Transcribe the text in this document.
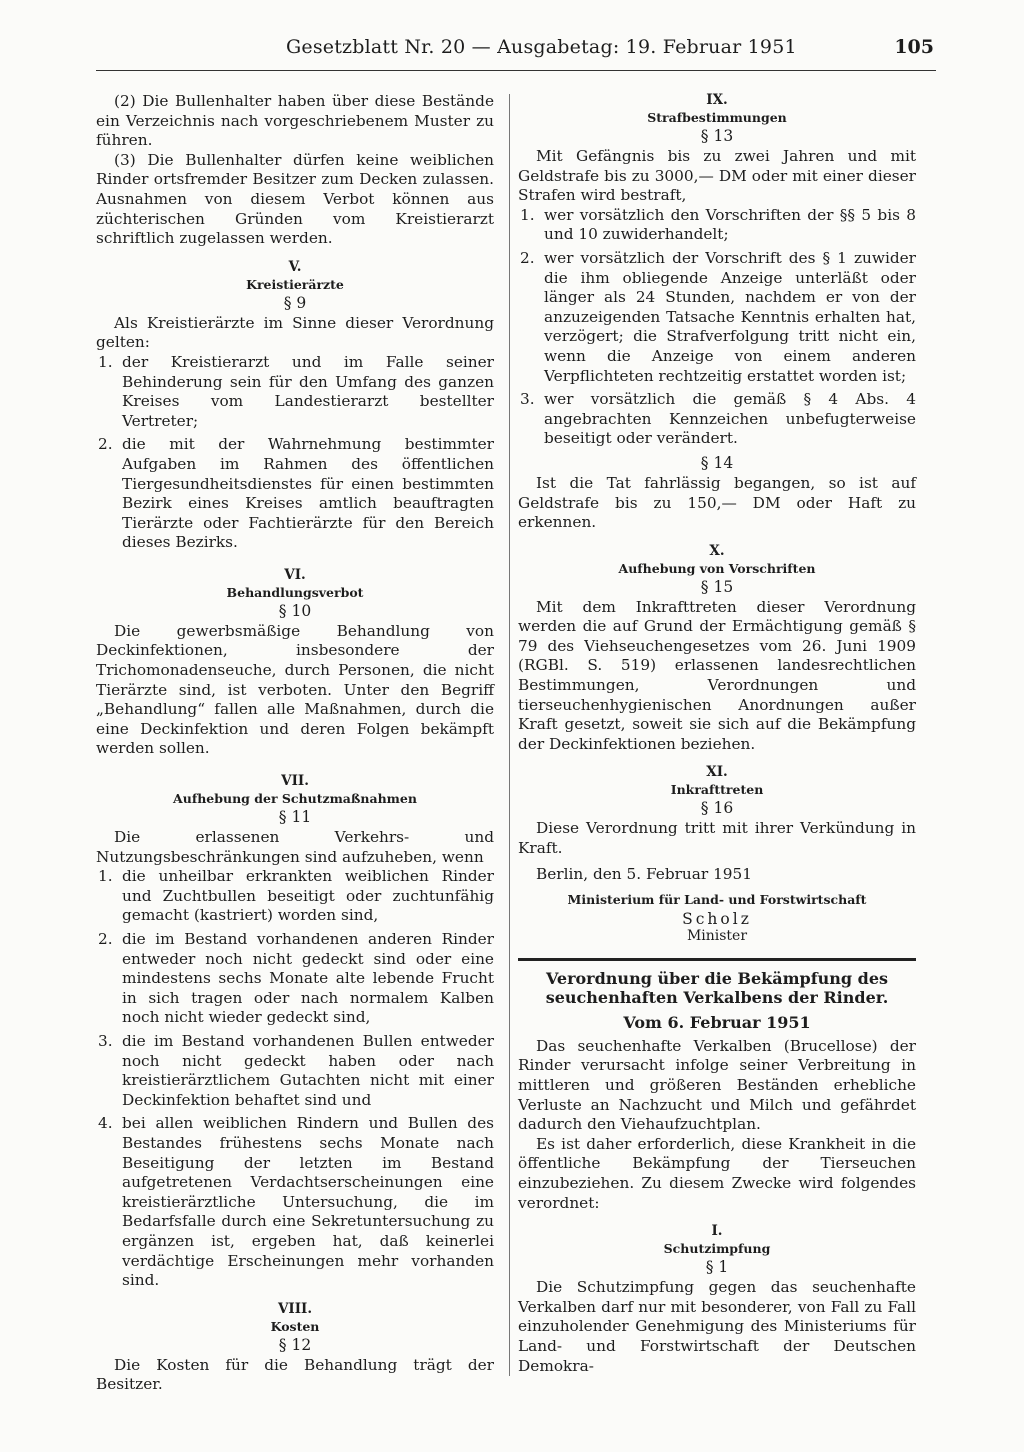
Gesetzblatt Nr. 20 — Ausgabetag: 19. Februar 1951	105

(2) Die Bullenhalter haben über diese Bestände ein Verzeichnis nach vorgeschriebenem Muster zu führen.

(3) Die Bullenhalter dürfen keine weiblichen Rinder ortsfremder Besitzer zum Decken zulassen. Ausnahmen von diesem Verbot können aus züchterischen Gründen vom Kreistierarzt schriftlich zugelassen werden.

V.
Kreistierärzte
§ 9

Als Kreistierärzte im Sinne dieser Verordnung gelten:

1. der Kreistierarzt und im Falle seiner Behinderung sein für den Umfang des ganzen Kreises vom Landestierarzt bestellter Vertreter;
2. die mit der Wahrnehmung bestimmter Aufgaben im Rahmen des öffentlichen Tiergesundheitsdienstes für einen bestimmten Bezirk eines Kreises amtlich beauftragten Tierärzte oder Fachtierärzte für den Bereich dieses Bezirks.
VI.
Behandlungsverbot
§ 10

Die gewerbsmäßige Behandlung von Deckinfektionen, insbesondere der Trichomonadenseuche, durch Personen, die nicht Tierärzte sind, ist verboten. Unter den Begriff „Behandlung“ fallen alle Maßnahmen, durch die eine Deckinfektion und deren Folgen bekämpft werden sollen.

VII.
Aufhebung der Schutzmaßnahmen
§ 11

Die erlassenen Verkehrs- und Nutzungsbeschränkungen sind aufzuheben, wenn

1. die unheilbar erkrankten weiblichen Rinder und Zuchtbullen beseitigt oder zuchtunfähig gemacht (kastriert) worden sind,
2. die im Bestand vorhandenen anderen Rinder entweder noch nicht gedeckt sind oder eine mindestens sechs Monate alte lebende Frucht in sich tragen oder nach normalem Kalben noch nicht wieder gedeckt sind,
3. die im Bestand vorhandenen Bullen entweder noch nicht gedeckt haben oder nach kreistierärztlichem Gutachten nicht mit einer Deckinfektion behaftet sind und
4. bei allen weiblichen Rindern und Bullen des Bestandes frühestens sechs Monate nach Beseitigung der letzten im Bestand aufgetretenen Verdachtserscheinungen eine kreistierärztliche Untersuchung, die im Bedarfsfalle durch eine Sekretuntersuchung zu ergänzen ist, ergeben hat, daß keinerlei verdächtige Erscheinungen mehr vorhanden sind.
VIII.
Kosten
§ 12

Die Kosten für die Behandlung trägt der Besitzer.

IX.
Strafbestimmungen
§ 13

Mit Gefängnis bis zu zwei Jahren und mit Geldstrafe bis zu 3000,— DM oder mit einer dieser Strafen wird bestraft,

1. wer vorsätzlich den Vorschriften der §§ 5 bis 8 und 10 zuwiderhandelt;
2. wer vorsätzlich der Vorschrift des § 1 zuwider die ihm obliegende Anzeige unterläßt oder länger als 24 Stunden, nachdem er von der anzuzeigenden Tatsache Kenntnis erhalten hat, verzögert; die Strafverfolgung tritt nicht ein, wenn die Anzeige von einem anderen Verpflichteten rechtzeitig erstattet worden ist;
3. wer vorsätzlich die gemäß § 4 Abs. 4 angebrachten Kennzeichen unbefugterweise beseitigt oder verändert.
§ 14

Ist die Tat fahrlässig begangen, so ist auf Geldstrafe bis zu 150,— DM oder Haft zu erkennen.

X.
Aufhebung von Vorschriften
§ 15

Mit dem Inkrafttreten dieser Verordnung werden die auf Grund der Ermächtigung gemäß § 79 des Viehseuchengesetzes vom 26. Juni 1909 (RGBl. S. 519) erlassenen landesrechtlichen Bestimmungen, Verordnungen und tierseuchenhygienischen Anordnungen außer Kraft gesetzt, soweit sie sich auf die Bekämpfung der Deckinfektionen beziehen.

XI.
Inkrafttreten
§ 16

Diese Verordnung tritt mit ihrer Verkündung in Kraft.

Berlin, den 5. Februar 1951

Ministerium für Land- und Forstwirtschaft
Scholz
Minister
Verordnung über die Bekämpfung des seuchenhaften Verkalbens der Rinder.
Vom 6. Februar 1951

Das seuchenhafte Verkalben (Brucellose) der Rinder verursacht infolge seiner Verbreitung in mittleren und größeren Beständen erhebliche Verluste an Nachzucht und Milch und gefährdet dadurch den Viehaufzuchtplan.

Es ist daher erforderlich, diese Krankheit in die öffentliche Bekämpfung der Tierseuchen einzubeziehen. Zu diesem Zwecke wird folgendes verordnet:

I.
Schutzimpfung
§ 1

Die Schutzimpfung gegen das seuchenhafte Verkalben darf nur mit besonderer, von Fall zu Fall einzuholender Genehmigung des Ministeriums für Land- und Forstwirtschaft der Deutschen Demokra-
